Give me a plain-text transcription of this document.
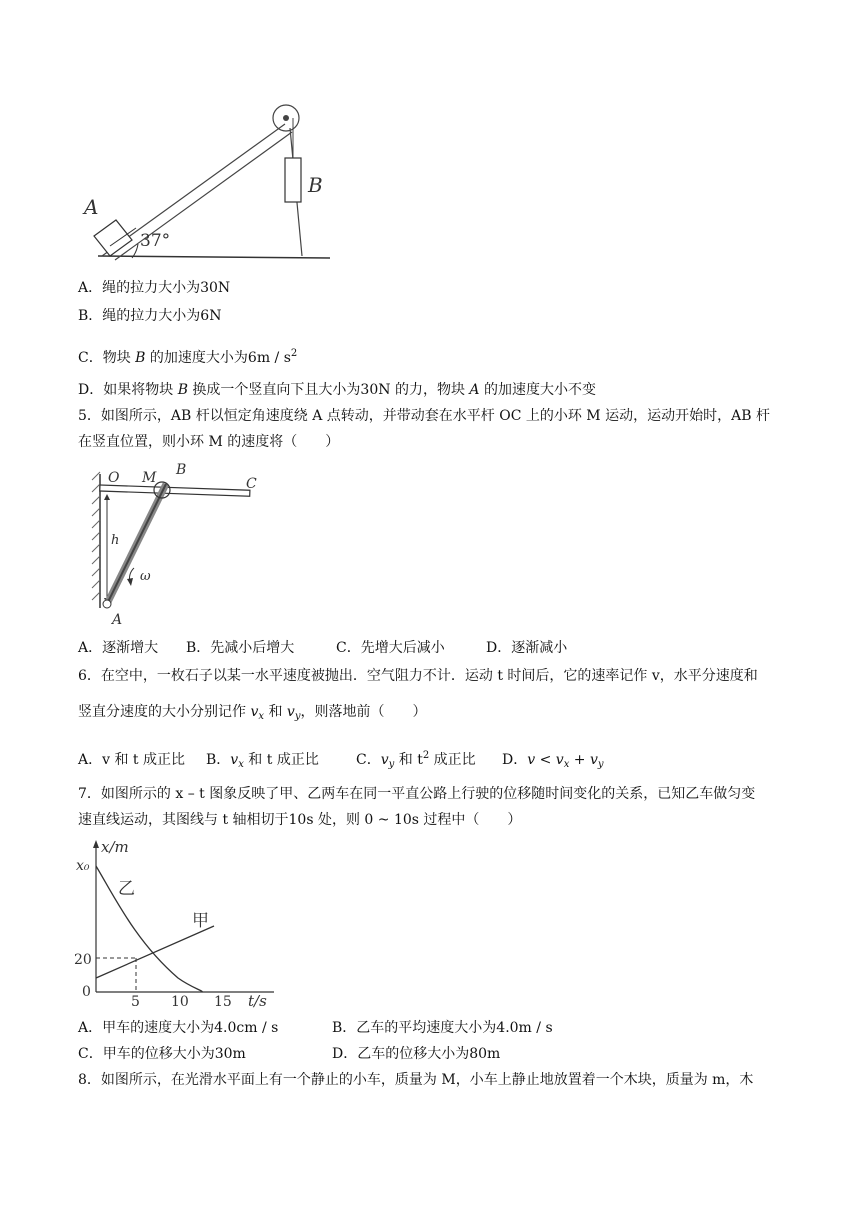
A
B
37°
A．绳的拉力大小为30N
B．绳的拉力大小为6N
C．物块 B 的加速度大小为$6m / s^2$
D．如果将物块 B 换成一个竖直向下且大小为30N 的力，物块 A 的加速度大小不变
5．如图所示，AB 杆以恒定角速度绕 A 点转动，并带动套在水平杆 OC 上的小环 M 运动，运动开始时，AB 杆
在竖直位置，则小环 M 的速度将（　　）
O M B
C
h
ω
A
A．逐渐增大 B．先减小后增大	C．先增大后减小	D．逐渐减小
6．在空中，一枚石子以某一水平速度被抛出．空气阻力不计．运动 t 时间后，它的速率记作 v，水平分速度和
竖直分速度的大小分别记作 $v_x$ 和 $v_y$，则落地前（　　）
A．v 和 t 成正比 B．$v_x$ 和 t 成正比	C．$v_y$ 和 $t^2$ 成正比 D．$v < v_x + v_y$
7．如图所示的 x – t 图象反映了甲、乙两车在同一平直公路上行驶的位移随时间变化的关系，已知乙车做匀变
速直线运动，其图线与 t 轴相切于10s 处，则 0 ~ 10s 过程中（　　）
x/m
t/s
x₀
20
0
5 10 15
乙
甲
A．甲车的速度大小为4.0cm / s	B．乙车的平均速度大小为4.0m / s
C．甲车的位移大小为30m	D．乙车的位移大小为80m
8．如图所示，在光滑水平面上有一个静止的小车，质量为 M，小车上静止地放置着一个木块，质量为 m，木
